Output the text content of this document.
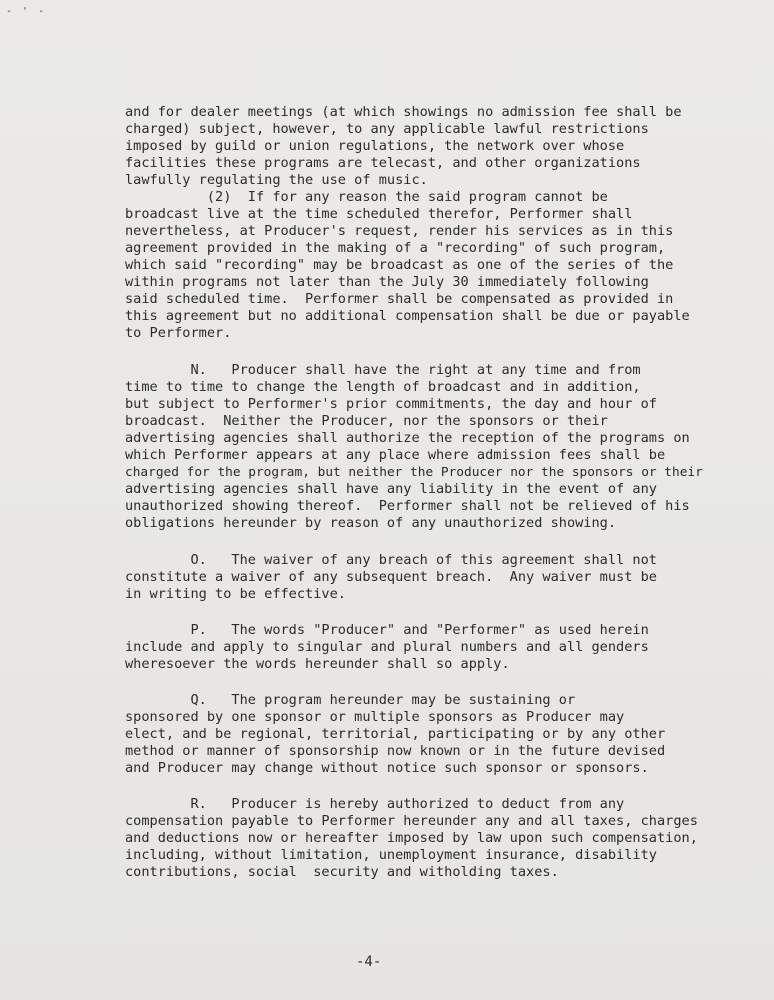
- ' -
and for dealer meetings (at which showings no admission fee shall be
charged) subject, however, to any applicable lawful restrictions
imposed by guild or union regulations, the network over whose
facilities these programs are telecast, and other organizations
lawfully regulating the use of music.
(2)  If for any reason the said program cannot be
broadcast live at the time scheduled therefor, Performer shall
nevertheless, at Producer's request, render his services as in this
agreement provided in the making of a "recording" of such program,
which said "recording" may be broadcast as one of the series of the
within programs not later than the July 30 immediately following
said scheduled time.  Performer shall be compensated as provided in
this agreement but no additional compensation shall be due or payable
to Performer.
N.   Producer shall have the right at any time and from
time to time to change the length of broadcast and in addition,
but subject to Performer's prior commitments, the day and hour of
broadcast.  Neither the Producer, nor the sponsors or their
advertising agencies shall authorize the reception of the programs on
which Performer appears at any place where admission fees shall be
charged for the program, but neither the Producer nor the sponsors or their
advertising agencies shall have any liability in the event of any
unauthorized showing thereof.  Performer shall not be relieved of his
obligations hereunder by reason of any unauthorized showing.
O.   The waiver of any breach of this agreement shall not
constitute a waiver of any subsequent breach.  Any waiver must be
in writing to be effective.
P.   The words "Producer" and "Performer" as used herein
include and apply to singular and plural numbers and all genders
wheresoever the words hereunder shall so apply.
Q.   The program hereunder may be sustaining or
sponsored by one sponsor or multiple sponsors as Producer may
elect, and be regional, territorial, participating or by any other
method or manner of sponsorship now known or in the future devised
and Producer may change without notice such sponsor or sponsors.
R.   Producer is hereby authorized to deduct from any
compensation payable to Performer hereunder any and all taxes, charges
and deductions now or hereafter imposed by law upon such compensation,
including, without limitation, unemployment insurance, disability
contributions, social  security and witholding taxes.
-4-
